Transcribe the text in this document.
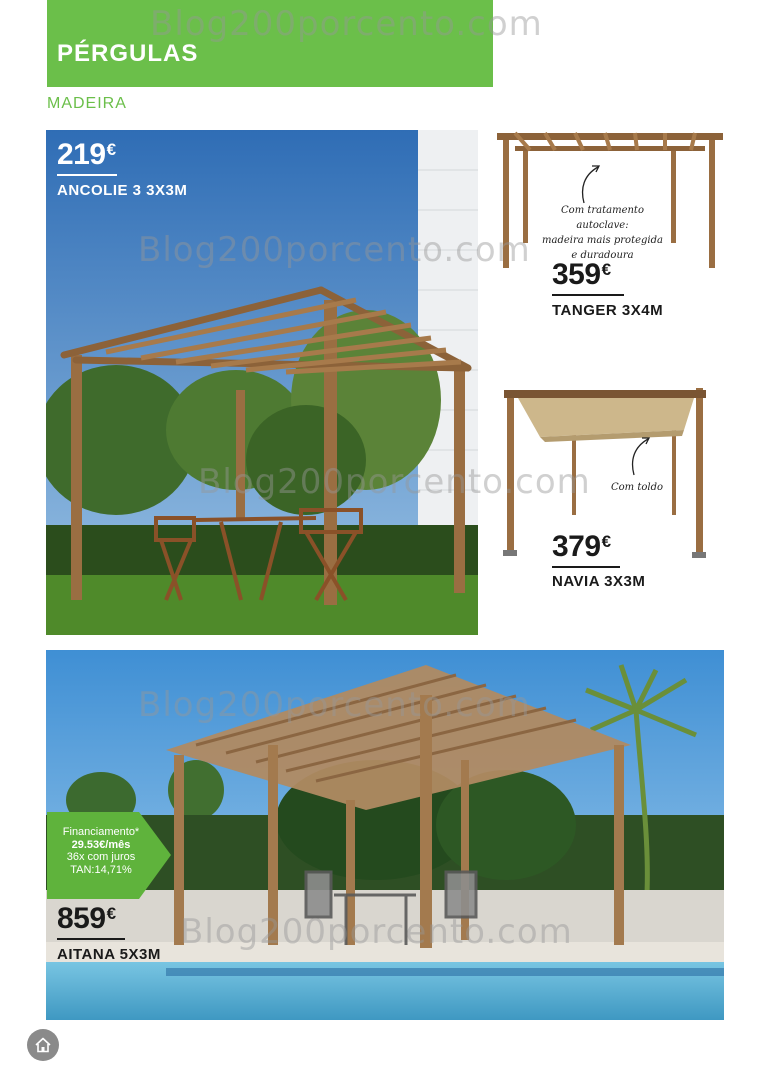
PÉRGULAS
MADEIRA
219€
ANCOLIE 3 3X3M
Com tratamento autoclave:
madeira mais protegida
e duradoura
359€
TANGER 3X4M
Com toldo
379€
NAVIA 3X3M
Financiamento*
29.53€/mês
36x com juros
TAN:14,71%
859€
AITANA 5X3M
Blog200porcento.com
Blog200porcento.com
Blog200porcento.com
Blog200porcento.com
Blog200porcento.com
